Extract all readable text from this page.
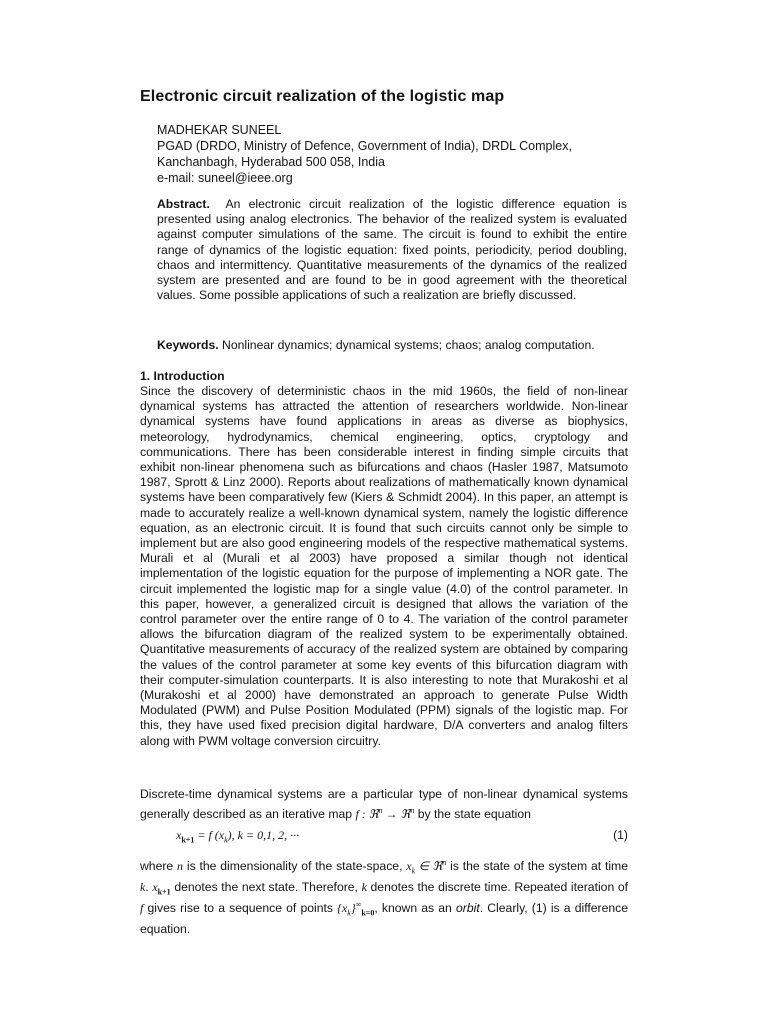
Electronic circuit realization of the logistic map
MADHEKAR SUNEEL
PGAD (DRDO, Ministry of Defence, Government of India), DRDL Complex,
Kanchanbagh, Hyderabad 500 058, India
e-mail: suneel@ieee.org
Abstract. An electronic circuit realization of the logistic difference equation is presented using analog electronics. The behavior of the realized system is evaluated against computer simulations of the same. The circuit is found to exhibit the entire range of dynamics of the logistic equation: fixed points, periodicity, period doubling, chaos and intermittency. Quantitative measurements of the dynamics of the realized system are presented and are found to be in good agreement with the theoretical values. Some possible applications of such a realization are briefly discussed.
Keywords. Nonlinear dynamics; dynamical systems; chaos; analog computation.
1. Introduction
Since the discovery of deterministic chaos in the mid 1960s, the field of non-linear dynamical systems has attracted the attention of researchers worldwide. Non-linear dynamical systems have found applications in areas as diverse as biophysics, meteorology, hydrodynamics, chemical engineering, optics, cryptology and communications. There has been considerable interest in finding simple circuits that exhibit non-linear phenomena such as bifurcations and chaos (Hasler 1987, Matsumoto 1987, Sprott & Linz 2000). Reports about realizations of mathematically known dynamical systems have been comparatively few (Kiers & Schmidt 2004). In this paper, an attempt is made to accurately realize a well-known dynamical system, namely the logistic difference equation, as an electronic circuit. It is found that such circuits cannot only be simple to implement but are also good engineering models of the respective mathematical systems. Murali et al (Murali et al 2003) have proposed a similar though not identical implementation of the logistic equation for the purpose of implementing a NOR gate. The circuit implemented the logistic map for a single value (4.0) of the control parameter. In this paper, however, a generalized circuit is designed that allows the variation of the control parameter over the entire range of 0 to 4. The variation of the control parameter allows the bifurcation diagram of the realized system to be experimentally obtained. Quantitative measurements of accuracy of the realized system are obtained by comparing the values of the control parameter at some key events of this bifurcation diagram with their computer-simulation counterparts. It is also interesting to note that Murakoshi et al (Murakoshi et al 2000) have demonstrated an approach to generate Pulse Width Modulated (PWM) and Pulse Position Modulated (PPM) signals of the logistic map. For this, they have used fixed precision digital hardware, D/A converters and analog filters along with PWM voltage conversion circuitry.
Discrete-time dynamical systems are a particular type of non-linear dynamical systems generally described as an iterative map f : ℜ$^n$ → ℜ$^n$ by the state equation
$x_{k+1} = f$ $(x_k)$, k = 0,1, 2, ···	(1)
where n is the dimensionality of the state-space, $x_k$ ∈ ℜ$^n$ is the state of the system at time k. $x_{k+1}$ denotes the next state. Therefore, k denotes the discrete time. Repeated iteration of f gives rise to a sequence of points $\{x_k\}^\infty_{k=0}$, known as an orbit. Clearly, (1) is a difference equation.
